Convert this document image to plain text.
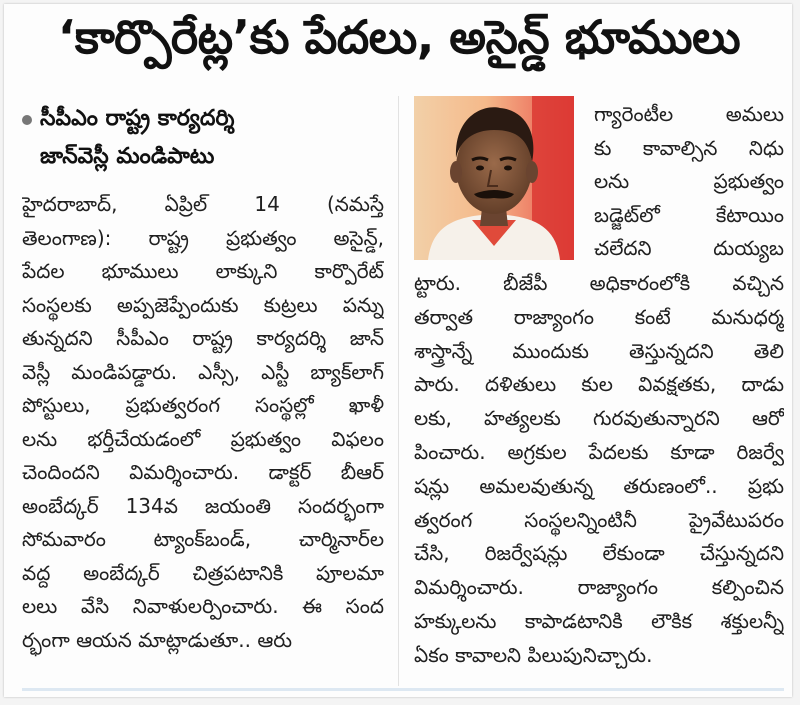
‘కార్పొరేట్ల’కు పేదలు, అసైన్డ్ భూములు
సీపీఎం రాష్ట్ర కార్యదర్శి
జాన్‌వెస్లీ మండిపాటు
హైదరాబాద్, ఏప్రిల్ 14 (నమస్తే
తెలంగాణ): రాష్ట్ర ప్రభుత్వం అసైన్డ్,
పేదల భూములు లాక్కుని కార్పొరేట్
సంస్థలకు అప్పజెప్పేందుకు కుట్రలు పన్ను
తున్నదని సీపీఎం రాష్ట్ర కార్యదర్శి జాన్
వెస్లీ మండిపడ్డారు. ఎస్సీ, ఎస్టీ బ్యాక్‌లాగ్
పోస్టులు, ప్రభుత్వరంగ సంస్థల్లో ఖాళీ
లను భర్తీచేయడంలో ప్రభుత్వం విఫలం
చెందిందని విమర్శించారు. డాక్టర్ బీఆర్
అంబేద్కర్ 134వ జయంతి సందర్భంగా
సోమవారం ట్యాంక్‌బండ్, చార్మినార్‌ల
వద్ద అంబేద్కర్ చిత్రపటానికి పూలమా
లలు వేసి నివాళులర్పించారు. ఈ సంద
ర్భంగా ఆయన మాట్లాడుతూ.. ఆరు
గ్యారెంటీల అమలు
కు కావాల్సిన నిధు
లను ప్రభుత్వం
బడ్జెట్‌లో కేటాయిం
చలేదని దుయ్యబ
ట్టారు. బీజేపీ అధికారంలోకి వచ్చిన
తర్వాత రాజ్యాంగం కంటే మనుధర్మ
శాస్త్రాన్నే ముందుకు తెస్తున్నదని తెలి
పారు. దళితులు కుల వివక్షతకు, దాడు
లకు, హత్యలకు గురవుతున్నారని ఆరో
పించారు. అగ్రకుల పేదలకు కూడా రిజర్వే
షన్లు అమలవుతున్న తరుణంలో.. ప్రభు
త్వరంగ సంస్థలన్నింటినీ ప్రైవేటుపరం
చేసి, రిజర్వేషన్లు లేకుండా చేస్తున్నదని
విమర్శించారు. రాజ్యాంగం కల్పించిన
హక్కులను కాపాడటానికి లౌకిక శక్తులన్నీ
ఏకం కావాలని పిలుపునిచ్చారు.
